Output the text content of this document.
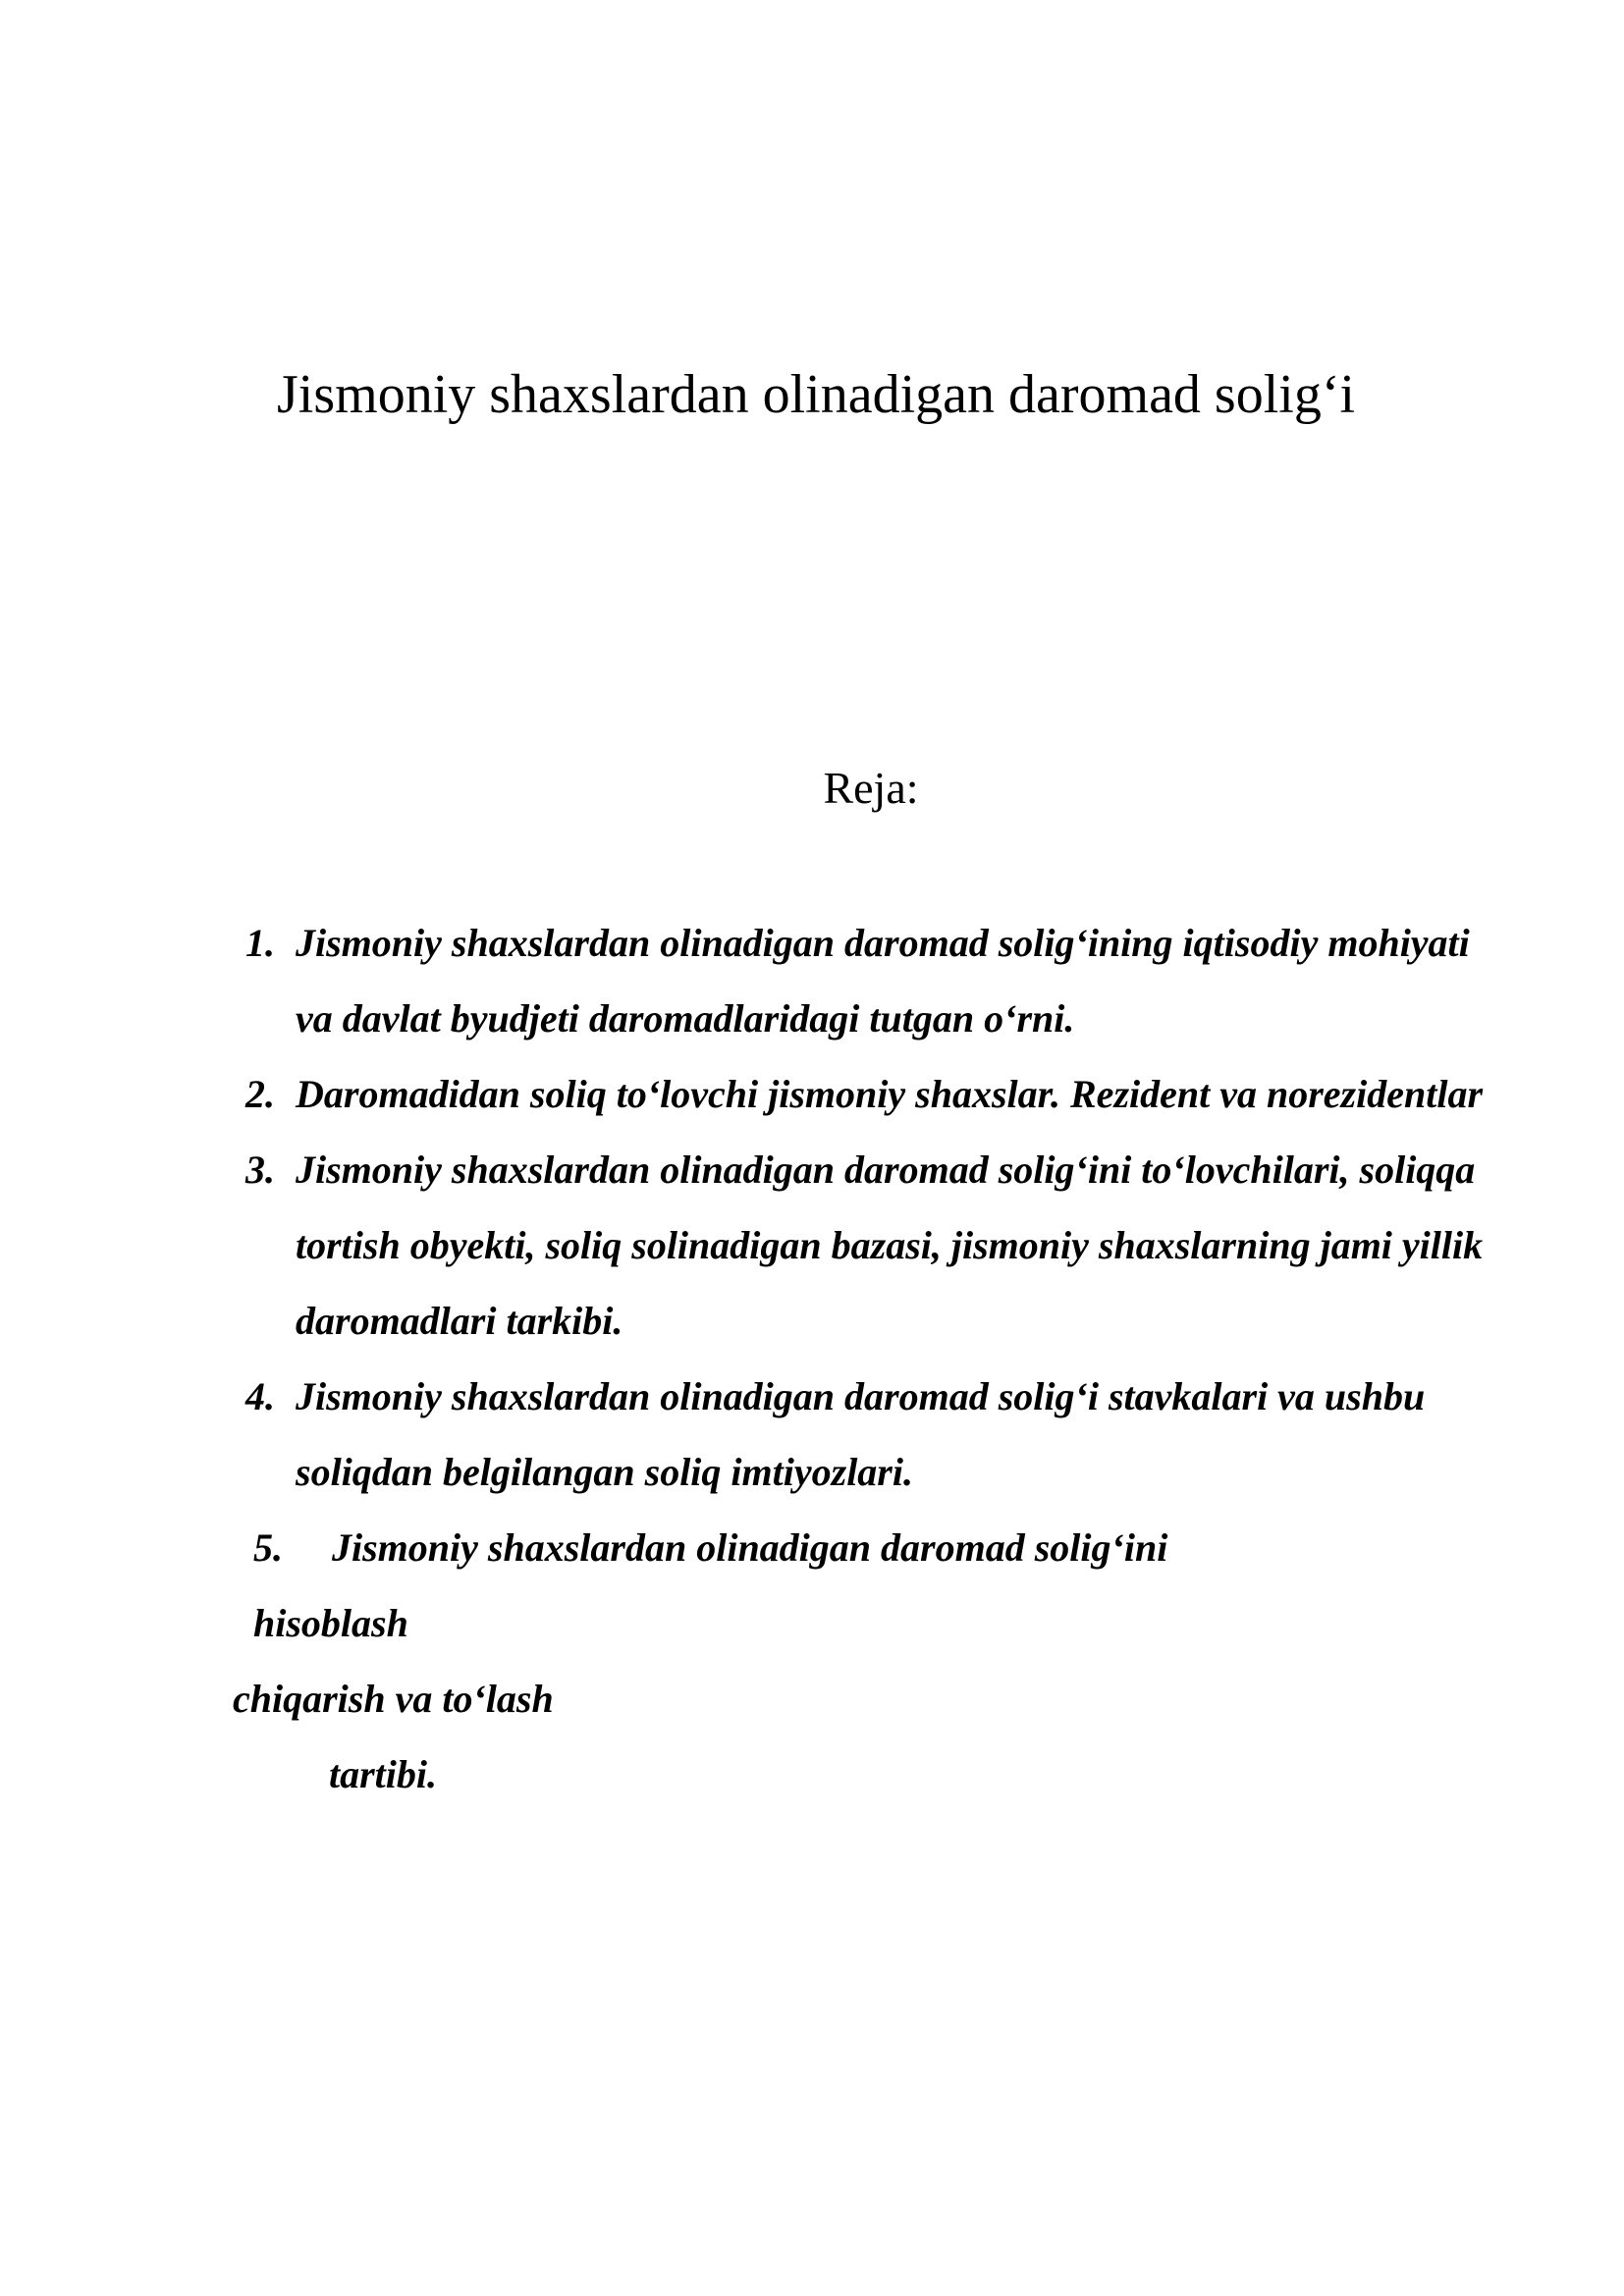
Jismoniy shaxslardan olinadigan daromad solig‘i
Reja:
1. Jismoniy shaxslardan olinadigan daromad solig‘ining iqtisodiy mohiyati va davlat byudjeti daromadlaridagi tutgan o‘rni.
2. Daromadidan soliq to‘lovchi jismoniy shaxslar. Rezident va norezidentlar
3. Jismoniy shaxslardan olinadigan daromad solig‘ini to‘lovchilari, soliqqa tortish obyekti, soliq solinadigan bazasi, jismoniy shaxslarning jami yillik daromadlari tarkibi.
4. Jismoniy shaxslardan olinadigan daromad solig‘i stavkalari va ushbu soliqdan belgilangan soliq imtiyozlari.
5. Jismoniy shaxslardan olinadigan daromad solig‘ini hisoblash
chiqarish va to‘lash
tartibi.
